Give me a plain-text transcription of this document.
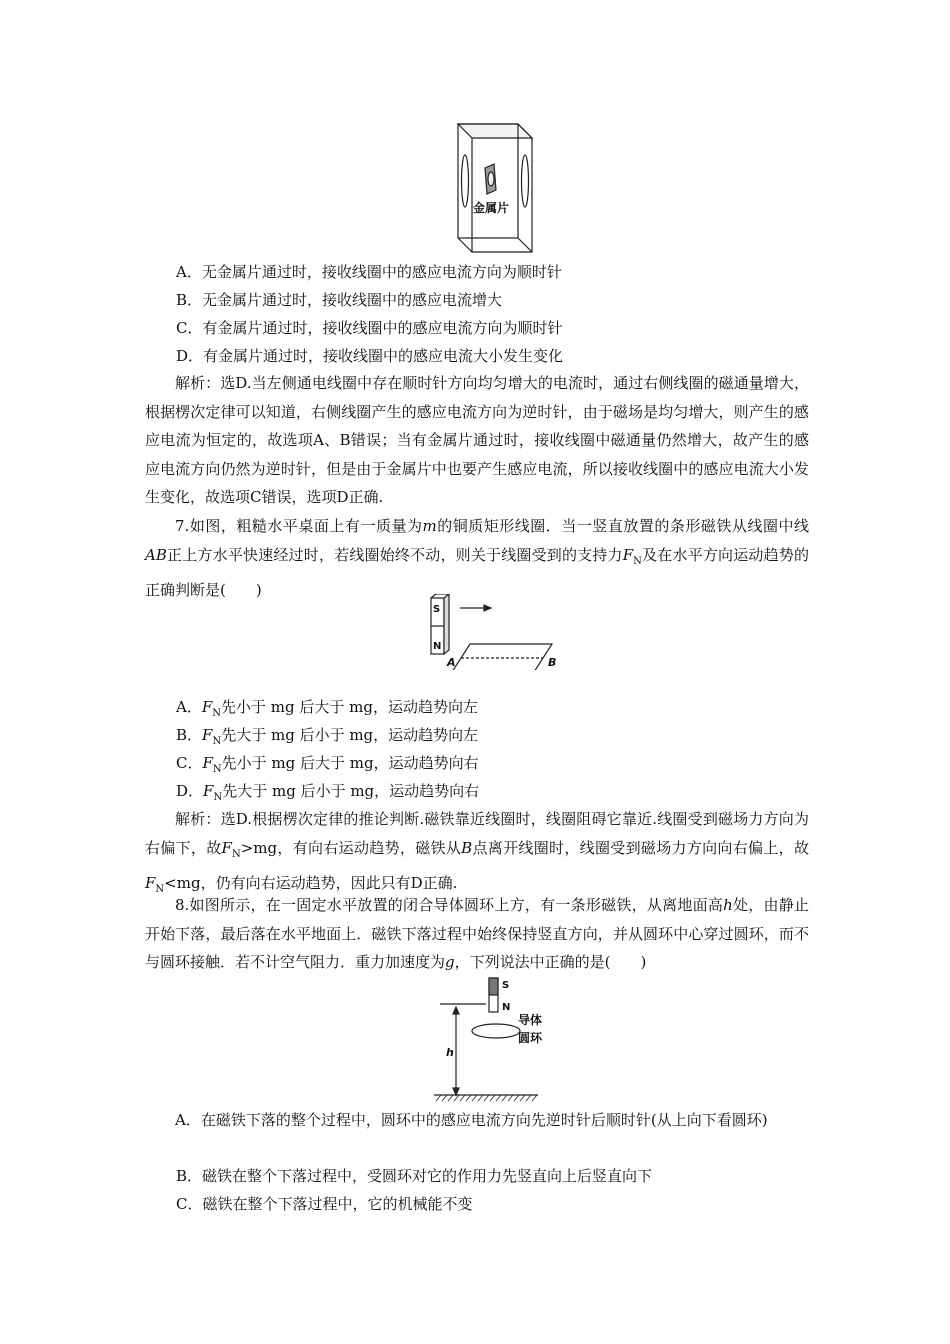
金属片
A．无金属片通过时，接收线圈中的感应电流方向为顺时针
B．无金属片通过时，接收线圈中的感应电流增大
C．有金属片通过时，接收线圈中的感应电流方向为顺时针
D．有金属片通过时，接收线圈中的感应电流大小发生变化

解析：选D.当左侧通电线圈中存在顺时针方向均匀增大的电流时，通过右侧线圈的磁通量增大，根据楞次定律可以知道，右侧线圈产生的感应电流方向为逆时针，由于磁场是均匀增大，则产生的感应电流为恒定的，故选项A、B错误；当有金属片通过时，接收线圈中磁通量仍然增大，故产生的感应电流方向仍然为逆时针，但是由于金属片中也要产生感应电流，所以接收线圈中的感应电流大小发生变化，故选项C错误，选项D正确.

7.如图，粗糙水平桌面上有一质量为m的铜质矩形线圈．当一竖直放置的条形磁铁从线圈中线AB正上方水平快速经过时，若线圈始终不动，则关于线圈受到的支持力$F_N$及在水平方向运动趋势的正确判断是(　　)

S
N
A	B
A．$F_N$先小于 mg 后大于 mg，运动趋势向左
B．$F_N$先大于 mg 后小于 mg，运动趋势向左
C．$F_N$先小于 mg 后大于 mg，运动趋势向右
D．$F_N$先大于 mg 后小于 mg，运动趋势向右

解析：选D.根据楞次定律的推论判断.磁铁靠近线圈时，线圈阻碍它靠近.线圈受到磁场力方向为右偏下，故$F_N>mg$，有向右运动趋势，磁铁从B点离开线圈时，线圈受到磁场力方向向右偏上，故$F_N<mg$，仍有向右运动趋势，因此只有D正确.

8.如图所示，在一固定水平放置的闭合导体圆环上方，有一条形磁铁，从离地面高h处，由静止开始下落，最后落在水平地面上．磁铁下落过程中始终保持竖直方向，并从圆环中心穿过圆环，而不与圆环接触．若不计空气阻力．重力加速度为g，下列说法中正确的是(　　)

S
N
导体
圆环
h

A．在磁铁下落的整个过程中，圆环中的感应电流方向先逆时针后顺时针(从上向下看圆环)

B．磁铁在整个下落过程中，受圆环对它的作用力先竖直向上后竖直向下
C．磁铁在整个下落过程中，它的机械能不变
